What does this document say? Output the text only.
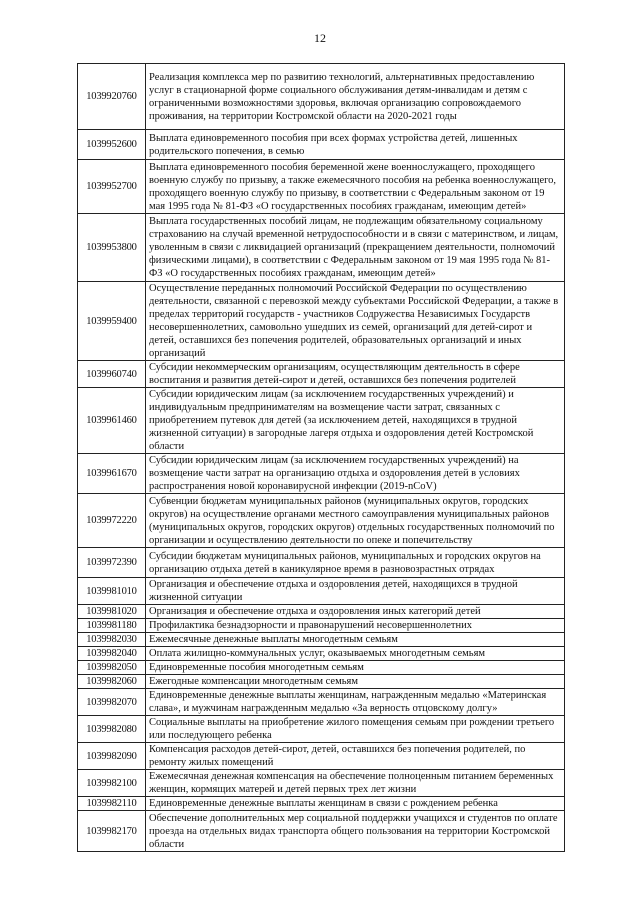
12
1039920760	Реализация комплекса мер по развитию технологий, альтернативных предоставлению услуг в стационарной форме социального обслуживания детям-инвалидам и детям с ограниченными возможностями здоровья, включая организацию сопровождаемого проживания, на территории Костромской области на 2020-2021 годы
1039952600	Выплата единовременного пособия при всех формах устройства детей, лишенных родительского попечения, в семью
1039952700	Выплата единовременного пособия беременной жене военнослужащего, проходящего военную службу по призыву, а также ежемесячного пособия на ребенка военнослужащего, проходящего военную службу по призыву, в соответствии с Федеральным законом от 19 мая 1995 года № 81-ФЗ «О государственных пособиях гражданам, имеющим детей»
1039953800	Выплата государственных пособий лицам, не подлежащим обязательному социальному страхованию на случай временной нетрудоспособности и в связи с материнством, и лицам, уволенным в связи с ликвидацией организаций (прекращением деятельности, полномочий физическими лицами), в соответствии с Федеральным законом от 19 мая 1995 года № 81-ФЗ «О государственных пособиях гражданам, имеющим детей»
1039959400	Осуществление переданных полномочий Российской Федерации по осуществлению деятельности, связанной с перевозкой между субъектами Российской Федерации, а также в пределах территорий государств - участников Содружества Независимых Государств несовершеннолетних, самовольно ушедших из семей, организаций для детей-сирот и детей, оставшихся без попечения родителей, образовательных организаций и иных организаций
1039960740	Субсидии некоммерческим организациям, осуществляющим деятельность в сфере воспитания и развития детей-сирот и детей, оставшихся без попечения родителей
1039961460	Субсидии юридическим лицам (за исключением государственных учреждений) и индивидуальным предпринимателям на возмещение части затрат, связанных с приобретением путевок для детей (за исключением детей, находящихся в трудной жизненной ситуации) в загородные лагеря отдыха и оздоровления детей Костромской области
1039961670	Субсидии юридическим лицам (за исключением государственных учреждений) на возмещение части затрат на организацию отдыха и оздоровления детей в условиях распространения новой коронавирусной инфекции (2019-nCoV)
1039972220	Субвенции бюджетам муниципальных районов (муниципальных округов, городских округов) на осуществление органами местного самоуправления муниципальных районов (муниципальных округов, городских округов) отдельных государственных полномочий по организации и осуществлению деятельности по опеке и попечительству
1039972390	Субсидии бюджетам муниципальных районов, муниципальных и городских округов на организацию отдыха детей в каникулярное время в разновозрастных отрядах
1039981010	Организация и обеспечение отдыха и оздоровления детей, находящихся в трудной жизненной ситуации
1039981020	Организация и обеспечение отдыха и оздоровления иных категорий детей
1039981180	Профилактика безнадзорности и правонарушений несовершеннолетних
1039982030	Ежемесячные денежные выплаты многодетным семьям
1039982040	Оплата жилищно-коммунальных услуг, оказываемых многодетным семьям
1039982050	Единовременные пособия многодетным семьям
1039982060	Ежегодные компенсации многодетным семьям
1039982070	Единовременные денежные выплаты женщинам, награжденным медалью «Материнская слава», и мужчинам награжденным медалью «За верность отцовскому долгу»
1039982080	Социальные выплаты на приобретение жилого помещения семьям при рождении третьего или последующего ребенка
1039982090	Компенсация расходов детей-сирот, детей, оставшихся без попечения родителей, по ремонту жилых помещений
1039982100	Ежемесячная денежная компенсация на обеспечение полноценным питанием беременных женщин, кормящих матерей и детей первых трех лет жизни
1039982110	Единовременные денежные выплаты женщинам в связи с рождением ребенка
1039982170	Обеспечение дополнительных мер социальной поддержки учащихся и студентов по оплате проезда на отдельных видах транспорта общего пользования на территории Костромской области
